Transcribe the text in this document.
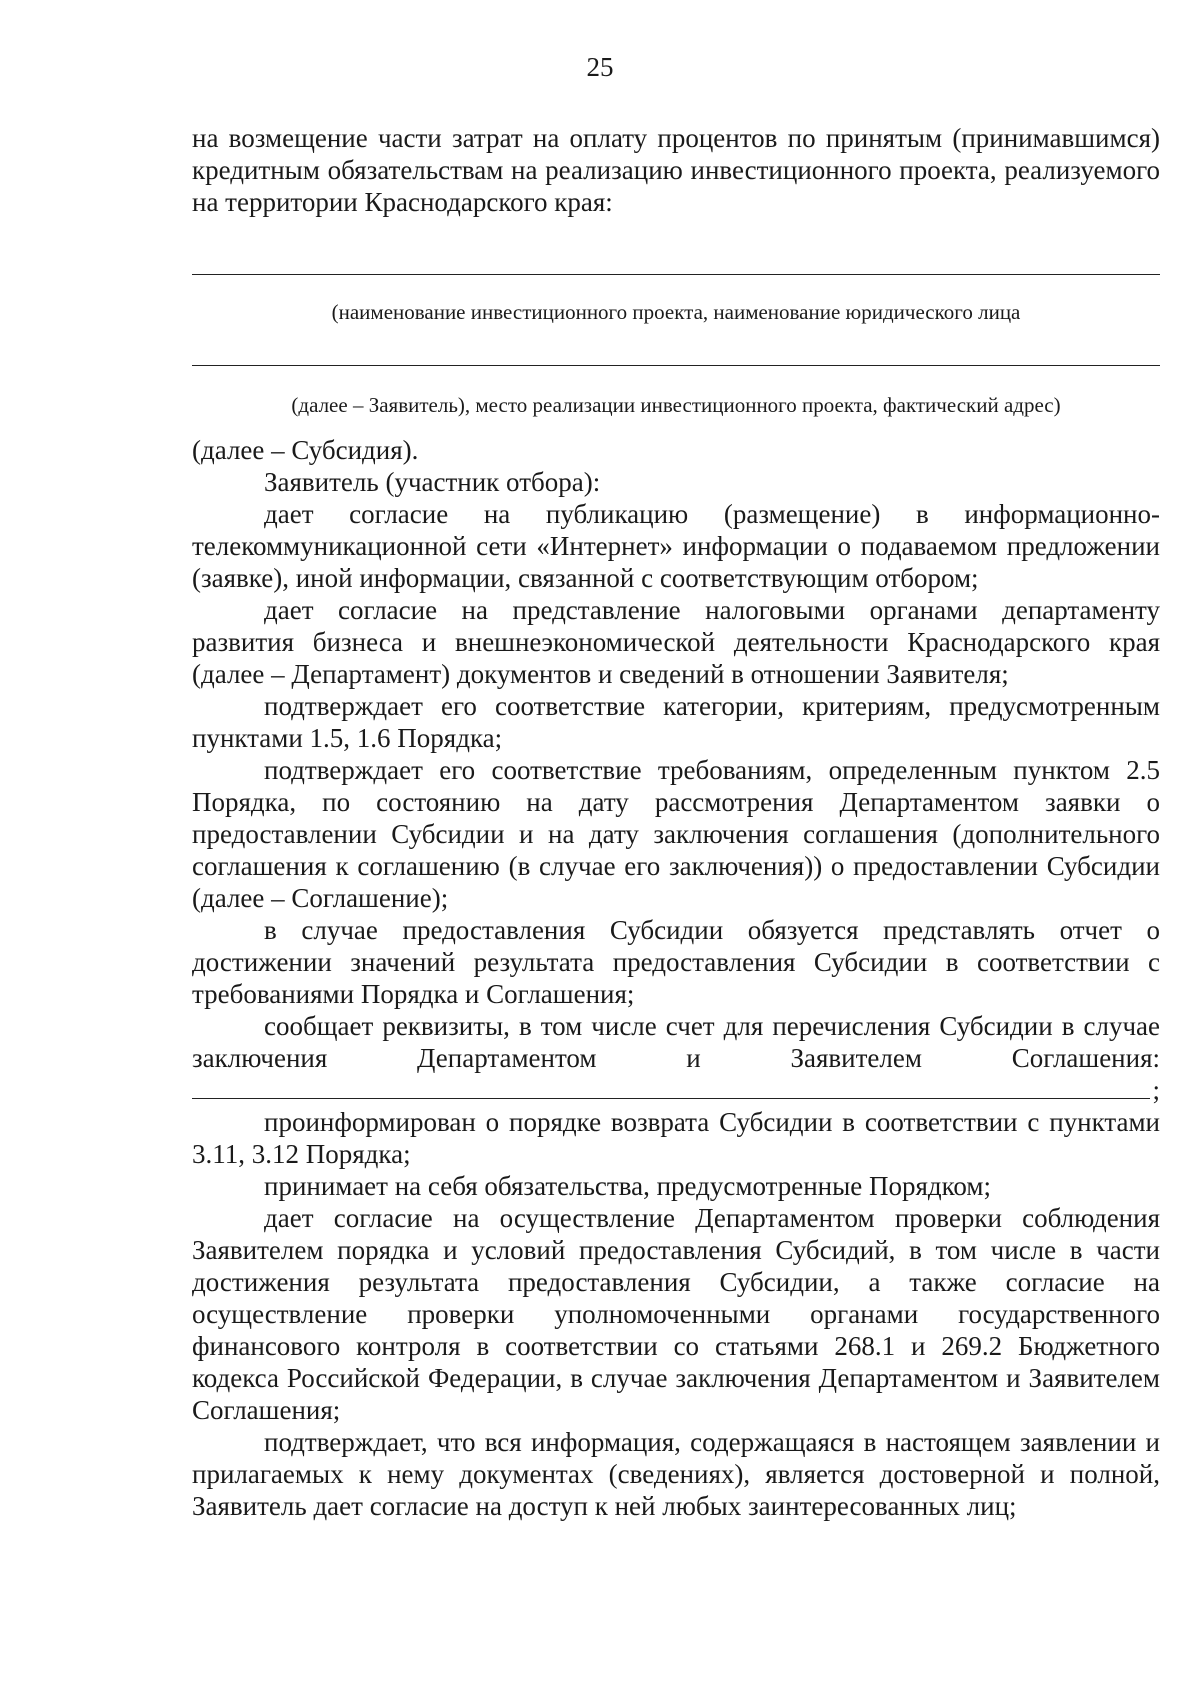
25

на возмещение части затрат на оплату процентов по принятым (принимавшимся) кредитным обязательствам на реализацию инвестиционного проекта, реализуемого на территории Краснодарского края:

(наименование инвестиционного проекта, наименование юридического лица

(далее – Заявитель), место реализации инвестиционного проекта, фактический адрес)

(далее – Субсидия).

Заявитель (участник отбора):

дает согласие на публикацию (размещение) в информационно-телекоммуникационной сети «Интернет» информации о подаваемом предложении (заявке), иной информации, связанной с соответствующим отбором;

дает согласие на представление налоговыми органами департаменту развития бизнеса и внешнеэкономической деятельности Краснодарского края (далее – Департамент) документов и сведений в отношении Заявителя;

подтверждает его соответствие категории, критериям, предусмотренным пунктами 1.5, 1.6 Порядка;

подтверждает его соответствие требованиям, определенным пунктом 2.5 Порядка, по состоянию на дату рассмотрения Департаментом заявки о предоставлении Субсидии и на дату заключения соглашения (дополнительного соглашения к соглашению (в случае его заключения)) о предоставлении Субсидии (далее – Соглашение);

в случае предоставления Субсидии обязуется представлять отчет о достижении значений результата предоставления Субсидии в соответствии с требованиями Порядка и Соглашения;

сообщает реквизиты, в том числе счет для перечисления Субсидии в случае заключения Департаментом и Заявителем Соглашения:

;

проинформирован о порядке возврата Субсидии в соответствии с пунктами 3.11, 3.12 Порядка;

принимает на себя обязательства, предусмотренные Порядком;

дает согласие на осуществление Департаментом проверки соблюдения Заявителем порядка и условий предоставления Субсидий, в том числе в части достижения результата предоставления Субсидии, а также согласие на осуществление проверки уполномоченными органами государственного финансового контроля в соответствии со статьями 268.1 и 269.2 Бюджетного кодекса Российской Федерации, в случае заключения Департаментом и Заявителем Соглашения;

подтверждает, что вся информация, содержащаяся в настоящем заявлении и прилагаемых к нему документах (сведениях), является достоверной и полной, Заявитель дает согласие на доступ к ней любых заинтересованных лиц;
